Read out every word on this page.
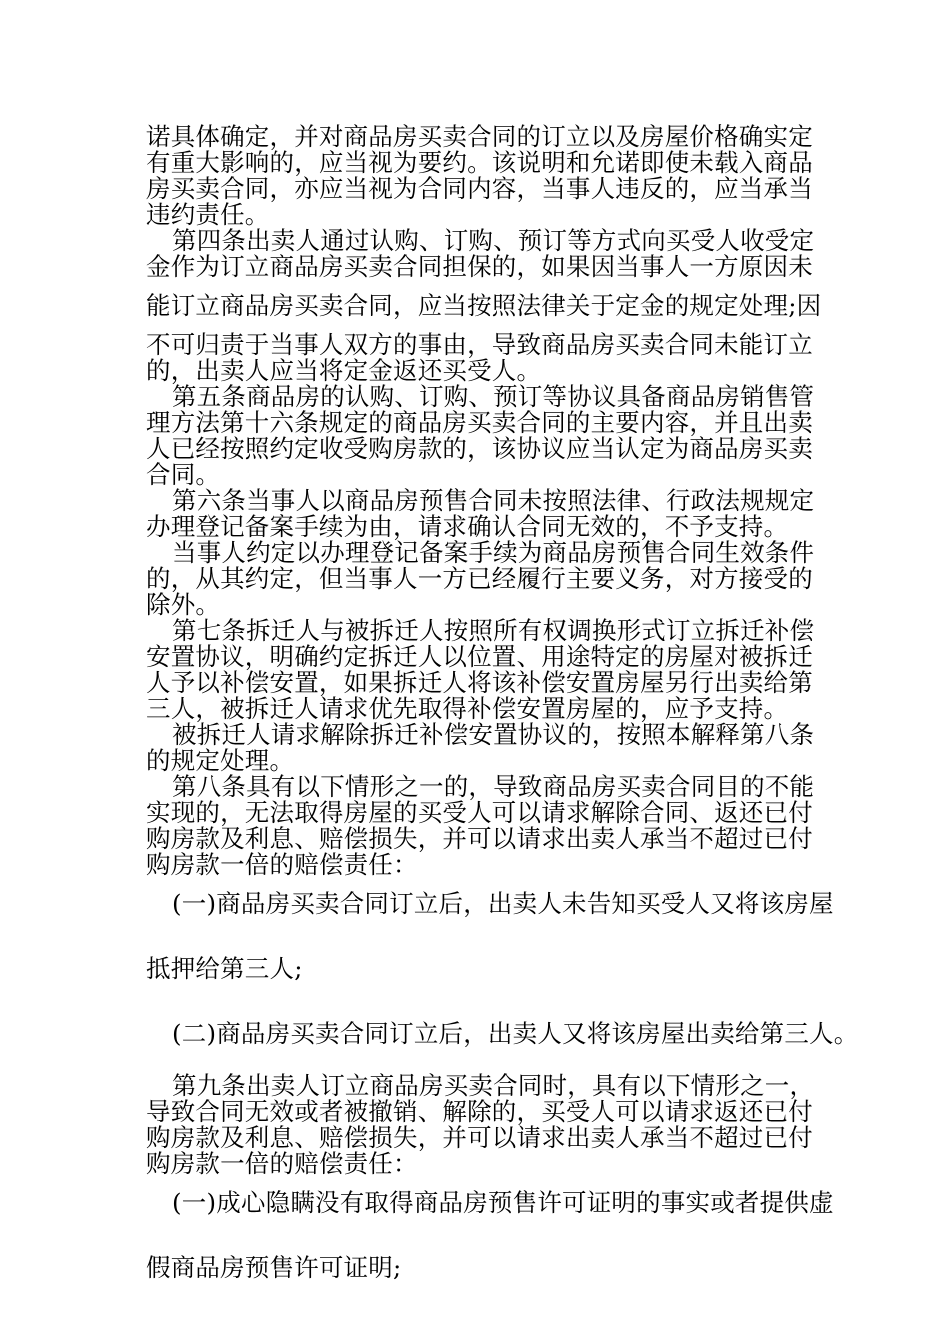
诺具体确定，并对商品房买卖合同的订立以及房屋价格确实定
有重大影响的，应当视为要约。该说明和允诺即使未载入商品
房买卖合同，亦应当视为合同内容，当事人违反的，应当承当
违约责任。
第四条出卖人通过认购、订购、预订等方式向买受人收受定
金作为订立商品房买卖合同担保的，如果因当事人一方原因未
能订立商品房买卖合同，应当按照法律关于定金的规定处理;因
不可归责于当事人双方的事由，导致商品房买卖合同未能订立
的，出卖人应当将定金返还买受人。
第五条商品房的认购、订购、预订等协议具备商品房销售管
理方法第十六条规定的商品房买卖合同的主要内容，并且出卖
人已经按照约定收受购房款的，该协议应当认定为商品房买卖
合同。
第六条当事人以商品房预售合同未按照法律、行政法规规定
办理登记备案手续为由，请求确认合同无效的，不予支持。
当事人约定以办理登记备案手续为商品房预售合同生效条件
的，从其约定，但当事人一方已经履行主要义务，对方接受的
除外。
第七条拆迁人与被拆迁人按照所有权调换形式订立拆迁补偿
安置协议，明确约定拆迁人以位置、用途特定的房屋对被拆迁
人予以补偿安置，如果拆迁人将该补偿安置房屋另行出卖给第
三人，被拆迁人请求优先取得补偿安置房屋的，应予支持。
被拆迁人请求解除拆迁补偿安置协议的，按照本解释第八条
的规定处理。
第八条具有以下情形之一的，导致商品房买卖合同目的不能
实现的，无法取得房屋的买受人可以请求解除合同、返还已付
购房款及利息、赔偿损失，并可以请求出卖人承当不超过已付
购房款一倍的赔偿责任：
(一)商品房买卖合同订立后，出卖人未告知买受人又将该房屋
抵押给第三人;
(二)商品房买卖合同订立后，出卖人又将该房屋出卖给第三人。
第九条出卖人订立商品房买卖合同时，具有以下情形之一，
导致合同无效或者被撤销、解除的，买受人可以请求返还已付
购房款及利息、赔偿损失，并可以请求出卖人承当不超过已付
购房款一倍的赔偿责任：
(一)成心隐瞒没有取得商品房预售许可证明的事实或者提供虚
假商品房预售许可证明;
